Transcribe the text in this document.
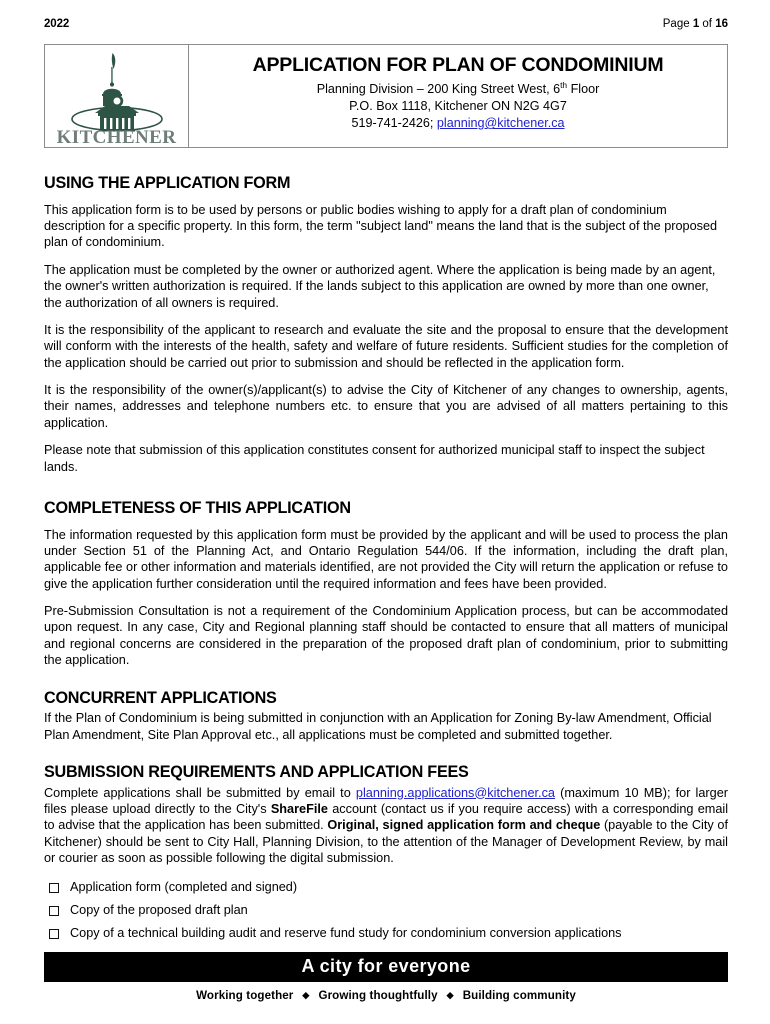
2022	Page 1 of 16
KITCHENER
APPLICATION FOR PLAN OF CONDOMINIUM
Planning Division – 200 King Street West, 6th Floor
P.O. Box 1118, Kitchener ON N2G 4G7
519-741-2426; planning@kitchener.ca
USING THE APPLICATION FORM

This application form is to be used by persons or public bodies wishing to apply for a draft plan of condominium description for a specific property. In this form, the term "subject land" means the land that is the subject of the proposed plan of condominium.

The application must be completed by the owner or authorized agent. Where the application is being made by an agent, the owner's written authorization is required. If the lands subject to this application are owned by more than one owner, the authorization of all owners is required.

It is the responsibility of the applicant to research and evaluate the site and the proposal to ensure that the development will conform with the interests of the health, safety and welfare of future residents. Sufficient studies for the completion of the application should be carried out prior to submission and should be reflected in the application form.

It is the responsibility of the owner(s)/applicant(s) to advise the City of Kitchener of any changes to ownership, agents, their names, addresses and telephone numbers etc. to ensure that you are advised of all matters pertaining to this application.

Please note that submission of this application constitutes consent for authorized municipal staff to inspect the subject lands.

COMPLETENESS OF THIS APPLICATION

The information requested by this application form must be provided by the applicant and will be used to process the plan under Section 51 of the Planning Act, and Ontario Regulation 544/06. If the information, including the draft plan, applicable fee or other information and materials identified, are not provided the City will return the application or refuse to give the application further consideration until the required information and fees have been provided.

Pre-Submission Consultation is not a requirement of the Condominium Application process, but can be accommodated upon request. In any case, City and Regional planning staff should be contacted to ensure that all matters of municipal and regional concerns are considered in the preparation of the proposed draft plan of condominium, prior to submitting the application.

CONCURRENT APPLICATIONS

If the Plan of Condominium is being submitted in conjunction with an Application for Zoning By-law Amendment, Official Plan Amendment, Site Plan Approval etc., all applications must be completed and submitted together.

SUBMISSION REQUIREMENTS AND APPLICATION FEES

Complete applications shall be submitted by email to planning.applications@kitchener.ca (maximum 10 MB); for larger files please upload directly to the City's ShareFile account (contact us if you require access) with a corresponding email to advise that the application has been submitted. Original, signed application form and cheque (payable to the City of Kitchener) should be sent to City Hall, Planning Division, to the attention of the Manager of Development Review, by mail or courier as soon as possible following the digital submission.

Application form (completed and signed)
Copy of the proposed draft plan
Copy of a technical building audit and reserve fund study for condominium conversion applications
A city for everyone
Working together ◆ Growing thoughtfully ◆ Building community
